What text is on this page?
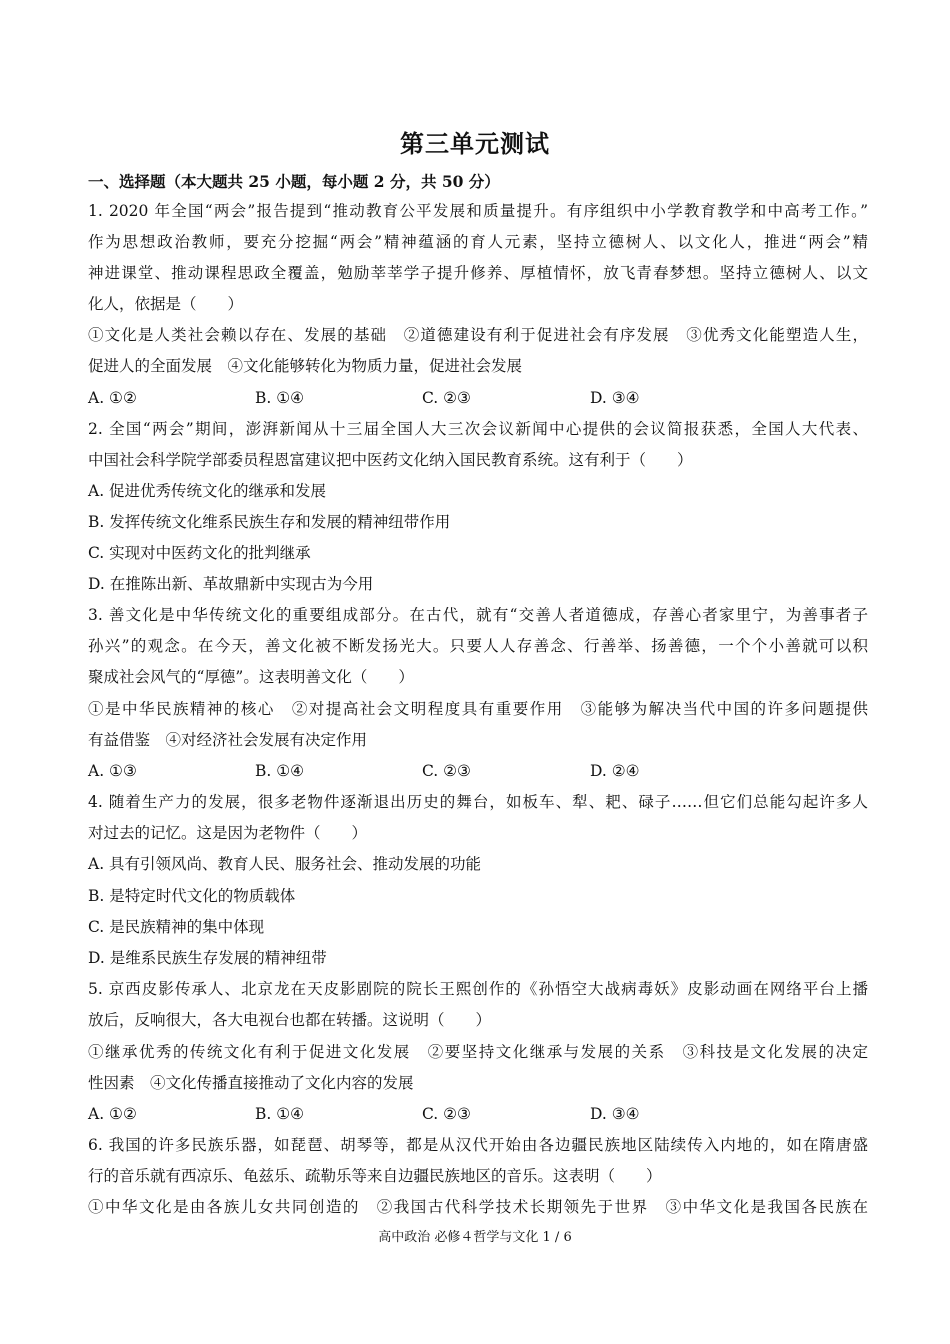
第三单元测试
一、选择题（本大题共 25 小题，每小题 2 分，共 50 分）
1. 2020 年全国“两会”报告提到“推动教育公平发展和质量提升。有序组织中小学教育教学和中高考工作。”
作为思想政治教师，要充分挖掘“两会”精神蕴涵的育人元素，坚持立德树人、以文化人，推进“两会”精
神进课堂、推动课程思政全覆盖，勉励莘莘学子提升修养、厚植情怀，放飞青春梦想。坚持立德树人、以文
化人，依据是（　　）
①文化是人类社会赖以存在、发展的基础　②道德建设有利于促进社会有序发展　③优秀文化能塑造人生，
促进人的全面发展　④文化能够转化为物质力量，促进社会发展
A. ①②	B. ①④	C. ②③	D. ③④
2. 全国“两会”期间，澎湃新闻从十三届全国人大三次会议新闻中心提供的会议简报获悉，全国人大代表、
中国社会科学院学部委员程恩富建议把中医药文化纳入国民教育系统。这有利于（　　）
A. 促进优秀传统文化的继承和发展
B. 发挥传统文化维系民族生存和发展的精神纽带作用
C. 实现对中医药文化的批判继承
D. 在推陈出新、革故鼎新中实现古为今用
3. 善文化是中华传统文化的重要组成部分。在古代，就有“交善人者道德成，存善心者家里宁，为善事者子
孙兴”的观念。在今天，善文化被不断发扬光大。只要人人存善念、行善举、扬善德，一个个小善就可以积
聚成社会风气的“厚德”。这表明善文化（　　）
①是中华民族精神的核心　②对提高社会文明程度具有重要作用　③能够为解决当代中国的许多问题提供
有益借鉴　④对经济社会发展有决定作用
A. ①③	B. ①④	C. ②③	D. ②④
4. 随着生产力的发展，很多老物件逐渐退出历史的舞台，如板车、犁、耙、碌子……但它们总能勾起许多人
对过去的记忆。这是因为老物件（　　）
A. 具有引领风尚、教育人民、服务社会、推动发展的功能
B. 是特定时代文化的物质载体
C. 是民族精神的集中体现
D. 是维系民族生存发展的精神纽带
5. 京西皮影传承人、北京龙在天皮影剧院的院长王熙创作的《孙悟空大战病毒妖》皮影动画在网络平台上播
放后，反响很大，各大电视台也都在转播。这说明（　　）
①继承优秀的传统文化有利于促进文化发展　②要坚持文化继承与发展的关系　③科技是文化发展的决定
性因素　④文化传播直接推动了文化内容的发展
A. ①②	B. ①④	C. ②③	D. ③④
6. 我国的许多民族乐器，如琵琶、胡琴等，都是从汉代开始由各边疆民族地区陆续传入内地的，如在隋唐盛
行的音乐就有西凉乐、龟兹乐、疏勒乐等来自边疆民族地区的音乐。这表明（　　）
①中华文化是由各族儿女共同创造的　②我国古代科学技术长期领先于世界　③中华文化是我国各民族在
高中政治 必修４哲学与文化 1 / 6
